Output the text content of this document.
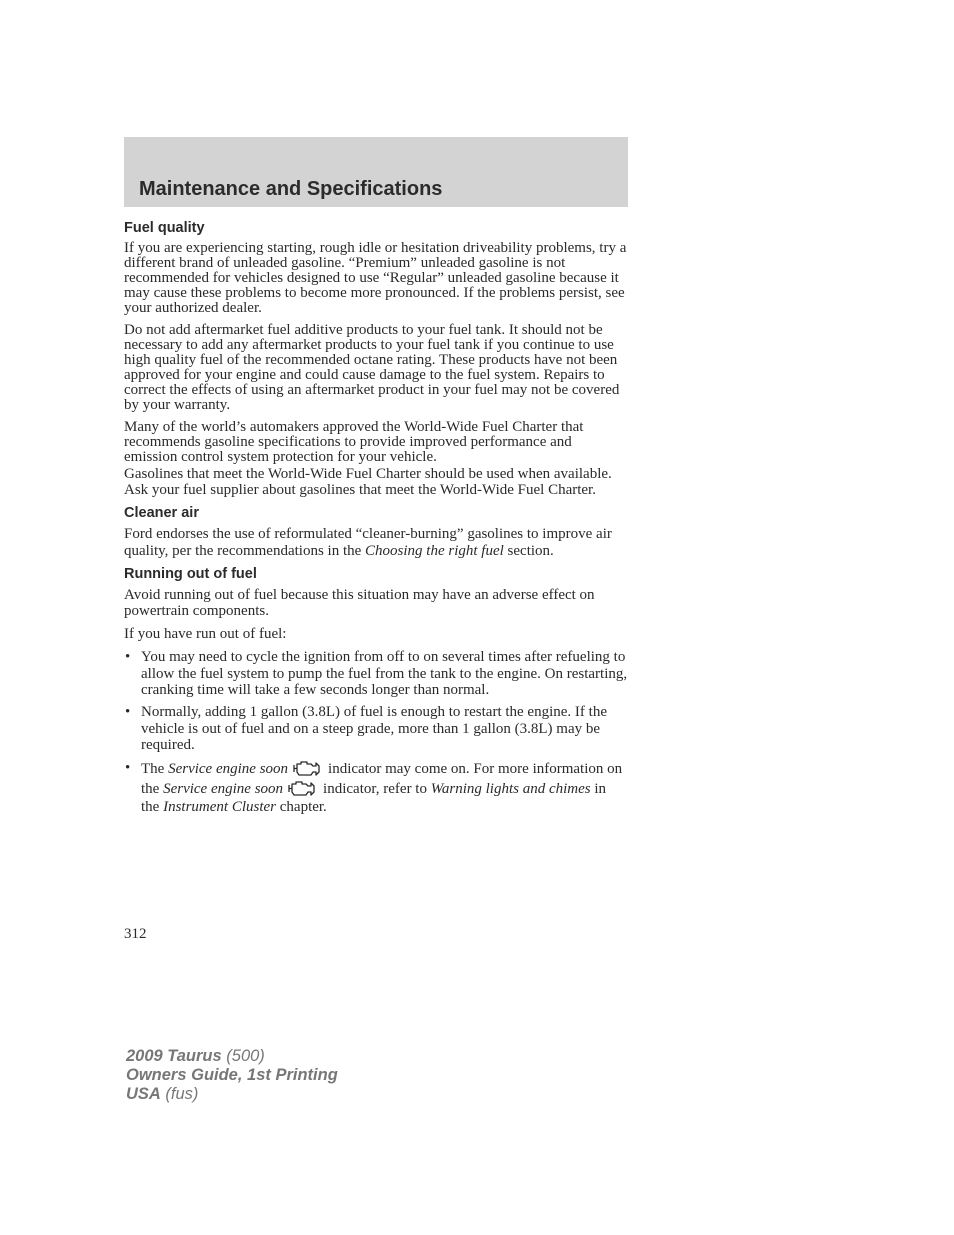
Maintenance and Specifications
Fuel quality

If you are experiencing starting, rough idle or hesitation driveability problems, try a different brand of unleaded gasoline. “Premium” unleaded gasoline is not recommended for vehicles designed to use “Regular” unleaded gasoline because it may cause these problems to become more pronounced. If the problems persist, see your authorized dealer.

Do not add aftermarket fuel additive products to your fuel tank. It should not be necessary to add any aftermarket products to your fuel tank if you continue to use high quality fuel of the recommended octane rating. These products have not been approved for your engine and could cause damage to the fuel system. Repairs to correct the effects of using an aftermarket product in your fuel may not be covered by your warranty.

Many of the world’s automakers approved the World-Wide Fuel Charter that recommends gasoline specifications to provide improved performance and emission control system protection for your vehicle.

Gasolines that meet the World-Wide Fuel Charter should be used when available. Ask your fuel supplier about gasolines that meet the World-Wide Fuel Charter.

Cleaner air

Ford endorses the use of reformulated “cleaner-burning” gasolines to improve air quality, per the recommendations in the Choosing the right fuel section.

Running out of fuel

Avoid running out of fuel because this situation may have an adverse effect on powertrain components.

If you have run out of fuel:

• You may need to cycle the ignition from off to on several times after refueling to allow the fuel system to pump the fuel from the tank to the engine. On restarting, cranking time will take a few seconds longer than normal.
• Normally, adding 1 gallon (3.8L) of fuel is enough to restart the engine. If the vehicle is out of fuel and on a steep grade, more than 1 gallon (3.8L) may be required.
• The Service engine soon	indicator may come on. For more information on the Service engine soon	indicator, refer to Warning lights and chimes in the Instrument Cluster chapter.
312
2009 Taurus (500)
Owners Guide, 1st Printing
USA (fus)
